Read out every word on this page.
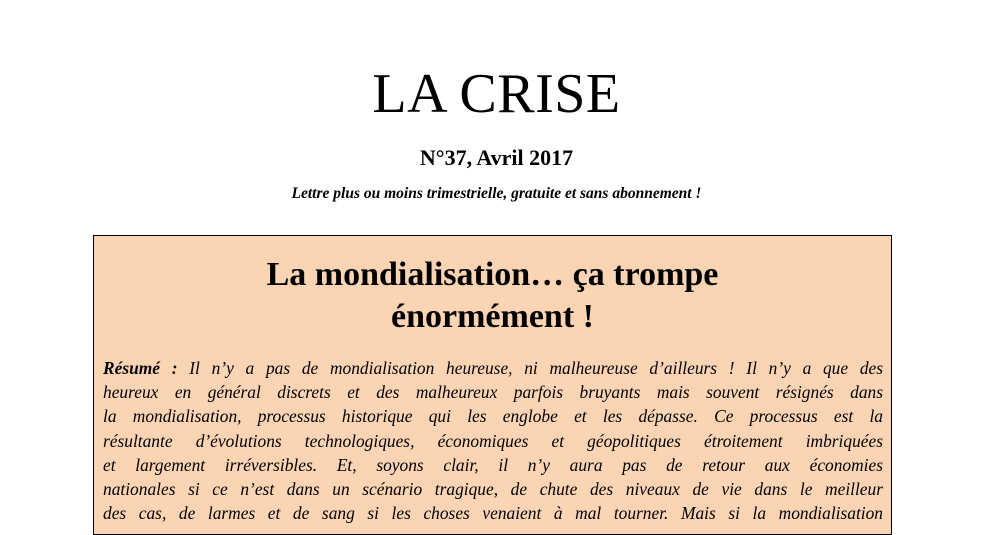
LA CRISE
N°37, Avril 2017
Lettre plus ou moins trimestrielle, gratuite et sans abonnement !
La mondialisation… ça trompe
énormément !
Résumé : Il n’y a pas de mondialisation heureuse, ni malheureuse d’ailleurs ! Il n’y a que des
heureux en général discrets et des malheureux parfois bruyants mais souvent résignés dans
la mondialisation, processus historique qui les englobe et les dépasse. Ce processus est la
résultante d’évolutions technologiques, économiques et géopolitiques étroitement imbriquées
et largement irréversibles. Et, soyons clair, il n’y aura pas de retour aux économies
nationales si ce n’est dans un scénario tragique, de chute des niveaux de vie dans le meilleur
des cas, de larmes et de sang si les choses venaient à mal tourner. Mais si la mondialisation
